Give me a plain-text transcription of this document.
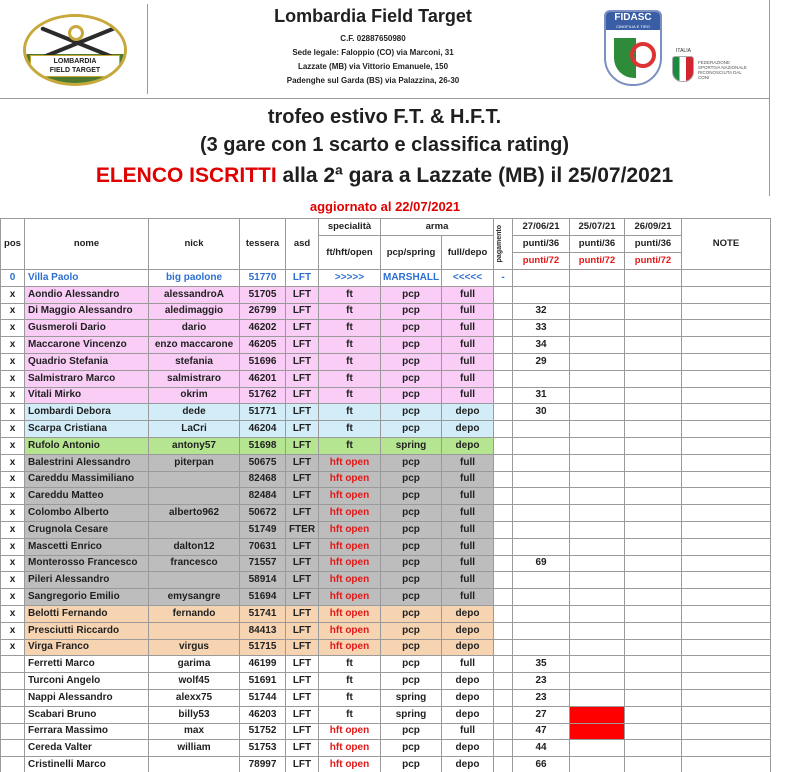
LOMBARDIA
FIELD TARGET
Lombardia Field Target
C.F. 02887650980
Sede legale: Faloppio (CO) via Marconi, 31
Lazzate (MB) via Vittorio Emanuele, 150
Padenghe sul Garda (BS) via Palazzina, 26-30
FIDASC
CINOFILIA E TIRO
ITALIA
FEDERAZIONE SPORTIVA NAZIONALE RICONOSCIUTA DAL CONI
trofeo estivo F.T. & H.F.T.
(3 gare con 1 scarto e classifica rating)
ELENCO ISCRITTI alla 2ª gara a Lazzate (MB) il 25/07/2021
aggiornato al 22/07/2021
pos	nome	nick	tessera	asd	specialità	arma		pagamento	27/06/21	25/07/21	26/09/21	NOTE
					ft/hft/open	pcp/spring	full/depo		punti/36	punti/36	punti/36	
									punti/72	punti/72	punti/72	
0	Villa Paolo	big paolone	51770	LFT	>>>>>	MARSHALL	<<<<<	-				
x	Aondio Alessandro	alessandroA	51705	LFT	ft	pcp	full					
x	Di Maggio Alessandro	aledimaggio	26799	LFT	ft	pcp	full		32			
x	Gusmeroli Dario	dario	46202	LFT	ft	pcp	full		33			
x	Maccarone Vincenzo	enzo maccarone	46205	LFT	ft	pcp	full		34			
x	Quadrio Stefania	stefania	51696	LFT	ft	pcp	full		29			
x	Salmistraro Marco	salmistraro	46201	LFT	ft	pcp	full					
x	Vitali Mirko	okrim	51762	LFT	ft	pcp	full		31			
x	Lombardi Debora	dede	51771	LFT	ft	pcp	depo		30			
x	Scarpa Cristiana	LaCri	46204	LFT	ft	pcp	depo					
x	Rufolo Antonio	antony57	51698	LFT	ft	spring	depo					
x	Balestrini Alessandro	piterpan	50675	LFT	hft open	pcp	full					
x	Careddu Massimiliano		82468	LFT	hft open	pcp	full					
x	Careddu Matteo		82484	LFT	hft open	pcp	full					
x	Colombo Alberto	alberto962	50672	LFT	hft open	pcp	full					
x	Crugnola Cesare		51749	FTER	hft open	pcp	full					
x	Mascetti Enrico	dalton12	70631	LFT	hft open	pcp	full					
x	Monterosso Francesco	francesco	71557	LFT	hft open	pcp	full		69			
x	Pileri Alessandro		58914	LFT	hft open	pcp	full					
x	Sangregorio Emilio	emysangre	51694	LFT	hft open	pcp	full					
x	Belotti Fernando	fernando	51741	LFT	hft open	pcp	depo					
x	Presciutti Riccardo		84413	LFT	hft open	pcp	depo					
x	Virga Franco	virgus	51715	LFT	hft open	pcp	depo					
	Ferretti Marco	garima	46199	LFT	ft	pcp	full		35			
	Turconi Angelo	wolf45	51691	LFT	ft	pcp	depo		23			
	Nappi Alessandro	alexx75	51744	LFT	ft	spring	depo		23			
	Scabari Bruno	billy53	46203	LFT	ft	spring	depo		27			
	Ferrara Massimo	max	51752	LFT	hft open	pcp	full		47			
	Cereda Valter	william	51753	LFT	hft open	pcp	depo		44			
	Cristinelli Marco		78997	LFT	hft open	pcp	depo		66			
